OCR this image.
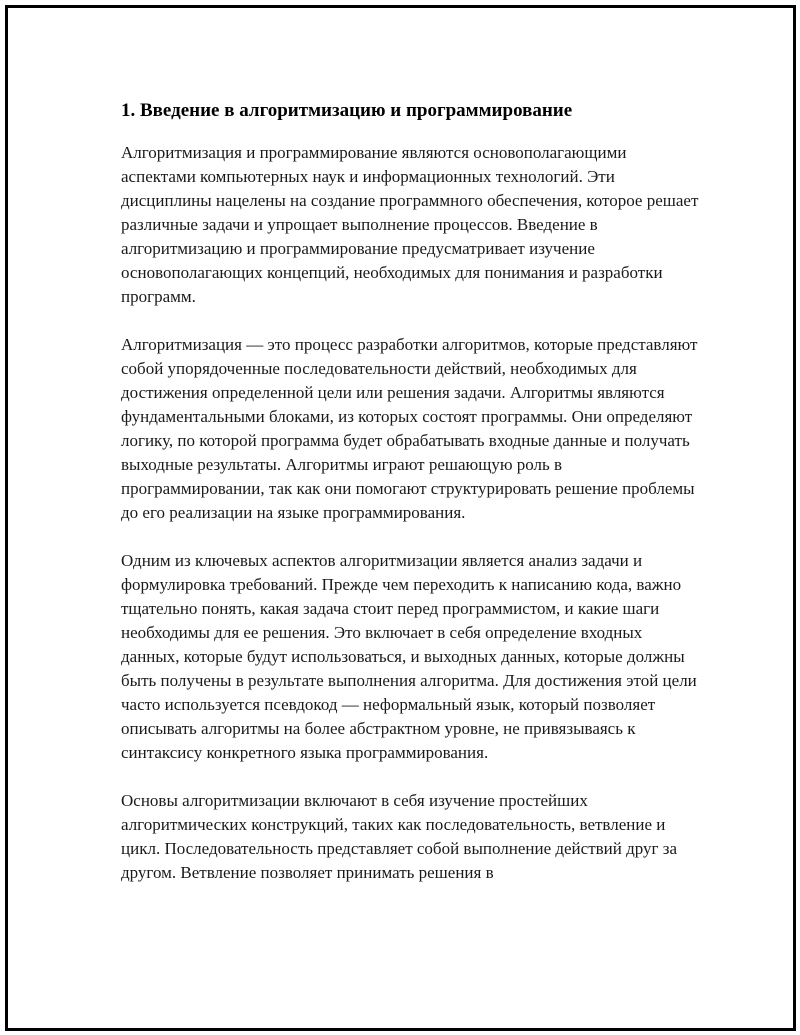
1. Введение в алгоритмизацию и программирование

Алгоритмизация и программирование являются основополагающими аспектами компьютерных наук и информационных технологий. Эти дисциплины нацелены на создание программного обеспечения, которое решает различные задачи и упрощает выполнение процессов. Введение в алгоритмизацию и программирование предусматривает изучение основополагающих концепций, необходимых для понимания и разработки программ.

Алгоритмизация — это процесс разработки алгоритмов, которые представляют собой упорядоченные последовательности действий, необходимых для достижения определенной цели или решения задачи. Алгоритмы являются фундаментальными блоками, из которых состоят программы. Они определяют логику, по которой программа будет обрабатывать входные данные и получать выходные результаты. Алгоритмы играют решающую роль в программировании, так как они помогают структурировать решение проблемы до его реализации на языке программирования.

Одним из ключевых аспектов алгоритмизации является анализ задачи и формулировка требований. Прежде чем переходить к написанию кода, важно тщательно понять, какая задача стоит перед программистом, и какие шаги необходимы для ее решения. Это включает в себя определение входных данных, которые будут использоваться, и выходных данных, которые должны быть получены в результате выполнения алгоритма. Для достижения этой цели часто используется псевдокод — неформальный язык, который позволяет описывать алгоритмы на более абстрактном уровне, не привязываясь к синтаксису конкретного языка программирования.

Основы алгоритмизации включают в себя изучение простейших алгоритмических конструкций, таких как последовательность, ветвление и цикл. Последовательность представляет собой выполнение действий друг за другом. Ветвление позволяет принимать решения в
